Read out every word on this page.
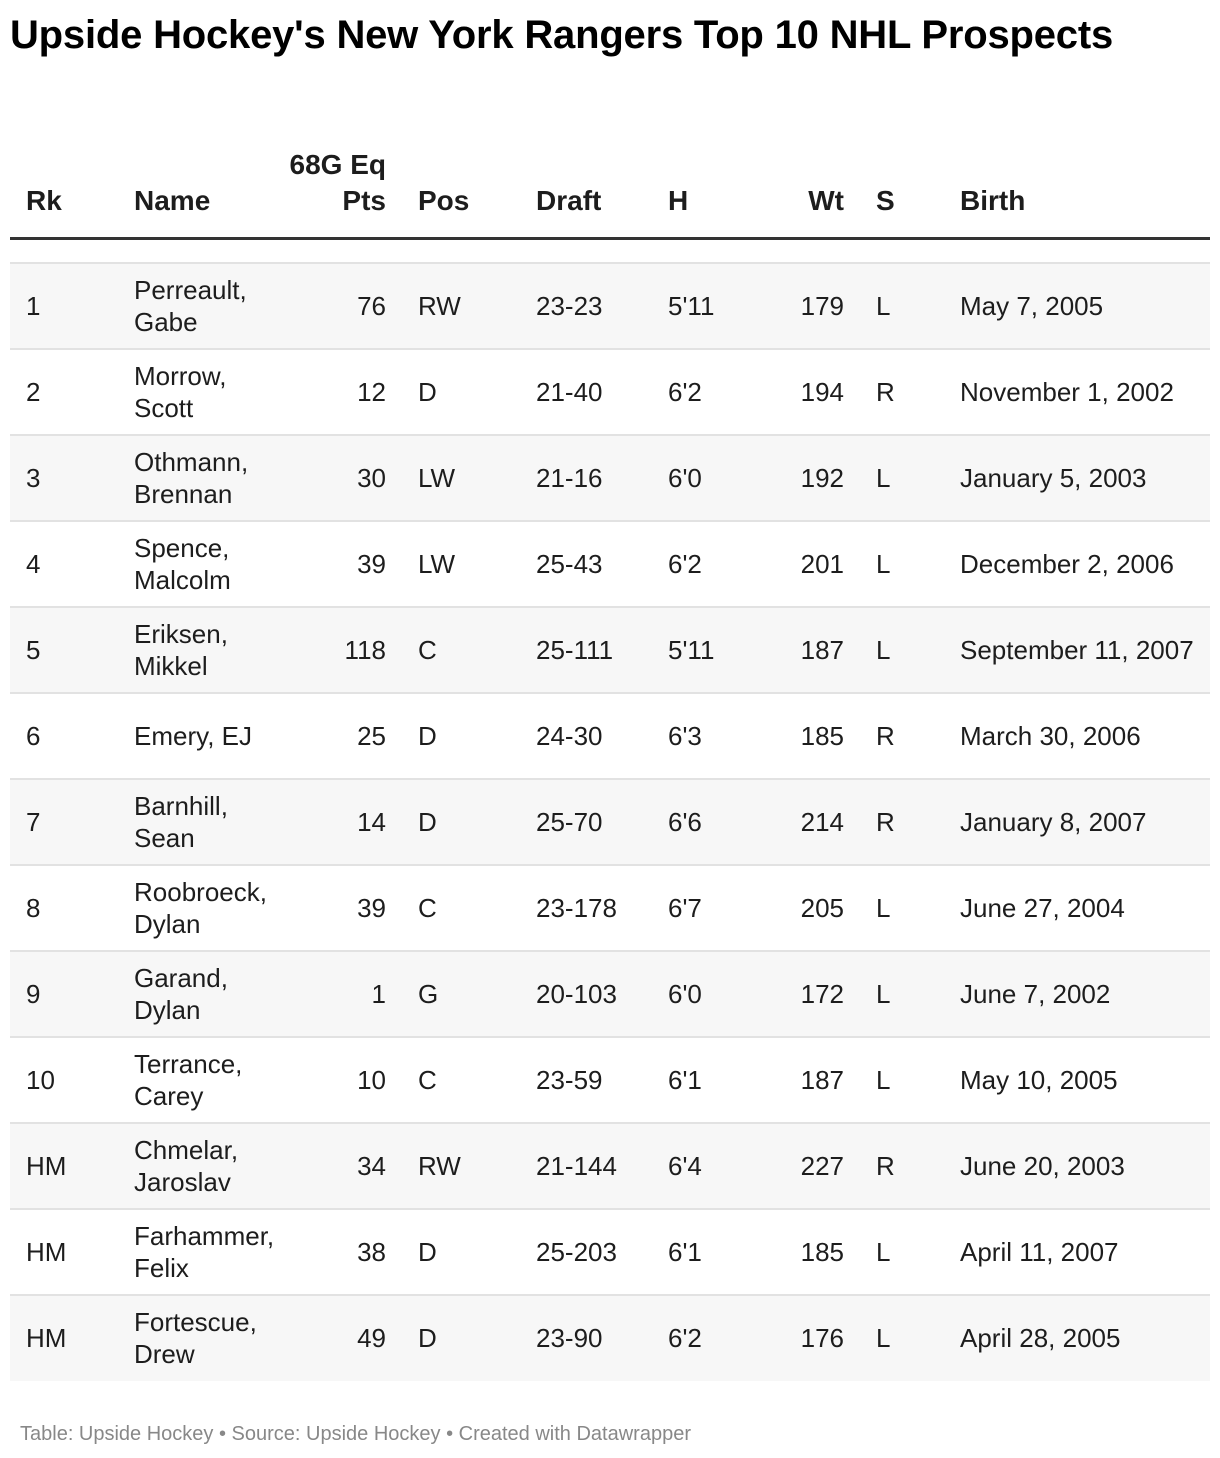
Upside Hockey's New York Rangers Top 10 NHL Prospects
Rk	Name	68G Eq Pts	Pos	Draft	H	Wt	S	Birth

1	Perreault, Gabe	76	RW	23-23	5'11	179	L	May 7, 2005
2	Morrow, Scott	12	D	21-40	6'2	194	R	November 1, 2002
3	Othmann, Brennan	30	LW	21-16	6'0	192	L	January 5, 2003
4	Spence, Malcolm	39	LW	25-43	6'2	201	L	December 2, 2006
5	Eriksen, Mikkel	118	C	25-111	5'11	187	L	September 11, 2007
6	Emery, EJ	25	D	24-30	6'3	185	R	March 30, 2006
7	Barnhill, Sean	14	D	25-70	6'6	214	R	January 8, 2007
8	Roobroeck, Dylan	39	C	23-178	6'7	205	L	June 27, 2004
9	Garand, Dylan	1	G	20-103	6'0	172	L	June 7, 2002
10	Terrance, Carey	10	C	23-59	6'1	187	L	May 10, 2005
HM	Chmelar, Jaroslav	34	RW	21-144	6'4	227	R	June 20, 2003
HM	Farhammer, Felix	38	D	25-203	6'1	185	L	April 11, 2007
HM	Fortescue, Drew	49	D	23-90	6'2	176	L	April 28, 2005
Table: Upside Hockey • Source: Upside Hockey • Created with Datawrapper
